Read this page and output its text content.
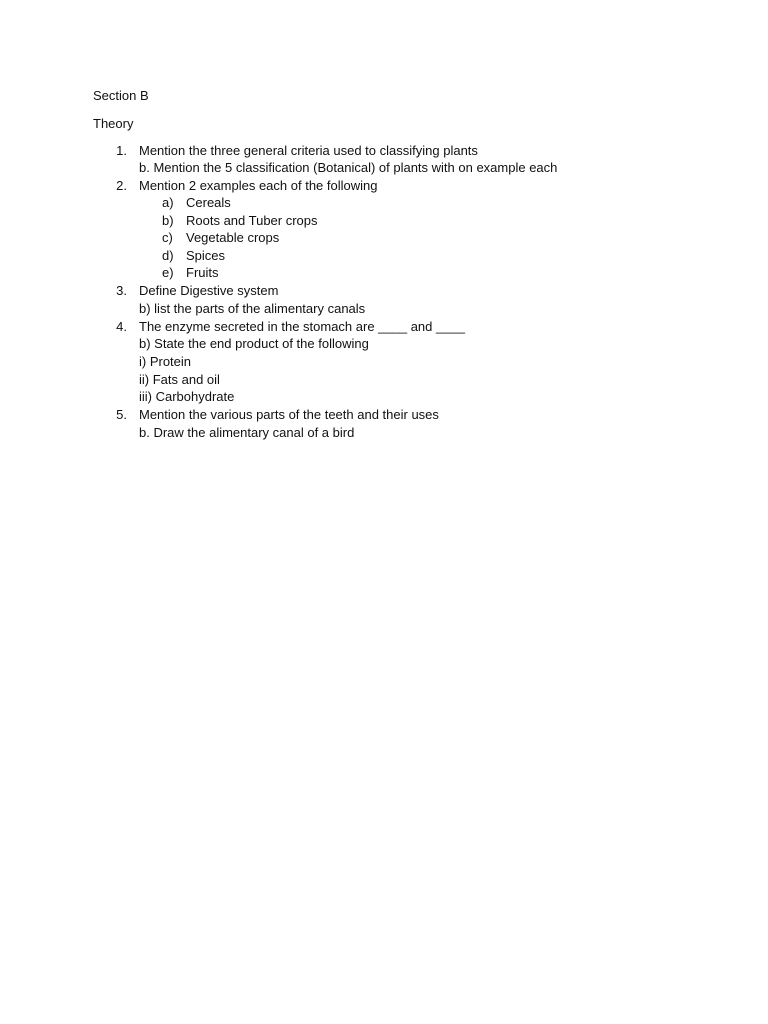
Section B
Theory
1. Mention the three general criteria used to classifying plants
b. Mention the 5 classification (Botanical) of plants with on example each
2. Mention 2 examples each of the following
a) Cereals
b) Roots and Tuber crops
c) Vegetable crops
d) Spices
e) Fruits
3. Define Digestive system
b) list the parts of the alimentary canals
4. The enzyme secreted in the stomach are ____ and ____
b) State the end product of the following
i) Protein
ii) Fats and oil
iii) Carbohydrate
5. Mention the various parts of the teeth and their uses
b. Draw the alimentary canal of a bird
